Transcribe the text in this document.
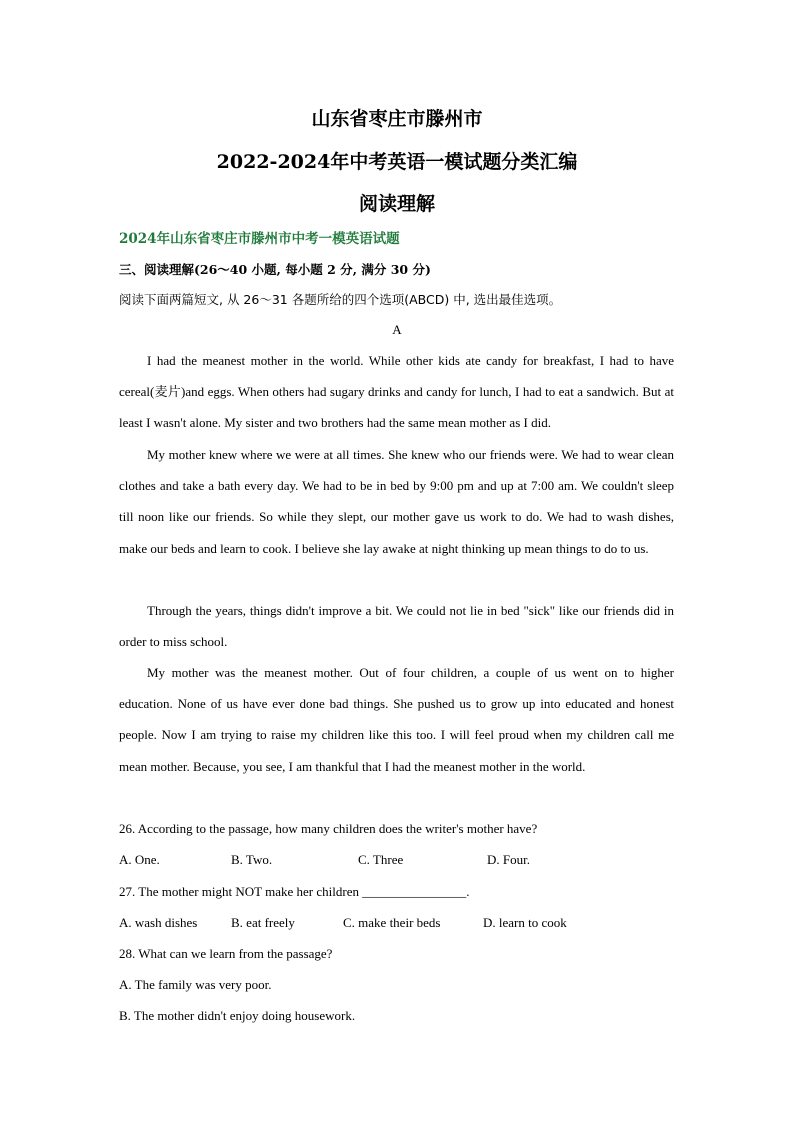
山东省枣庄市滕州市
2022-2024年中考英语一模试题分类汇编
阅读理解
2024年山东省枣庄市滕州市中考一模英语试题
三、阅读理解(26～40 小题, 每小题 2 分, 满分 30 分)
阅读下面两篇短文, 从 26～31 各题所给的四个选项(ABCD) 中, 选出最佳选项。
A

I had the meanest mother in the world. While other kids ate candy for breakfast, I had to have cereal(麦片)and eggs. When others had sugary drinks and candy for lunch, I had to eat a sandwich. But at least I wasn't alone. My sister and two brothers had the same mean mother as I did.

My mother knew where we were at all times. She knew who our friends were. We had to wear clean clothes and take a bath every day. We had to be in bed by 9:00 pm and up at 7:00 am. We couldn't sleep till noon like our friends. So while they slept, our mother gave us work to do. We had to wash dishes, make our beds and learn to cook. I believe she lay awake at night thinking up mean things to do to us.

Through the years, things didn't improve a bit. We could not lie in bed "sick" like our friends did in order to miss school.

My mother was the meanest mother. Out of four children, a couple of us went on to higher education. None of us have ever done bad things. She pushed us to grow up into educated and honest people. Now I am trying to raise my children like this too. I will feel proud when my children call me mean mother. Because, you see, I am thankful that I had the meanest mother in the world.

26. According to the passage, how many children does the writer's mother have?
A. One.	B. Two.	C. Three	D. Four.
27. The mother might NOT make her children ________________.
A. wash dishes	B. eat freely	C. make their beds	D. learn to cook
28. What can we learn from the passage?
A. The family was very poor.
B. The mother didn't enjoy doing housework.
